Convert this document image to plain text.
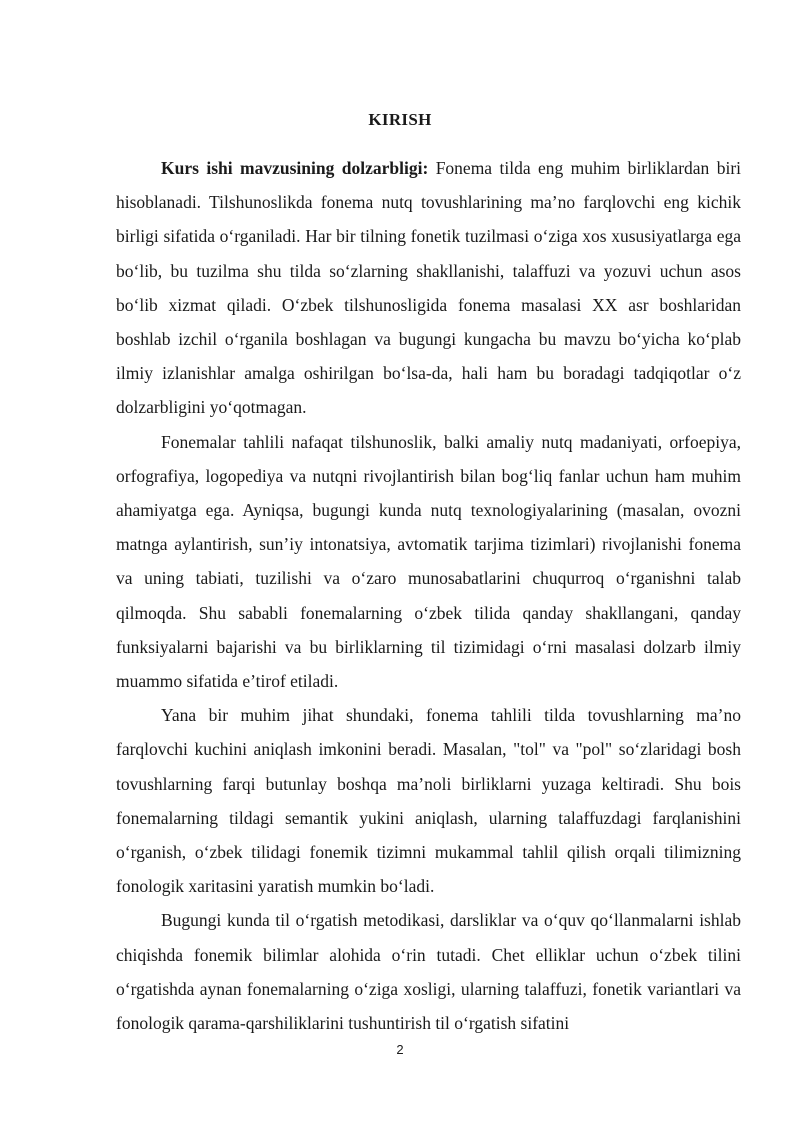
KIRISH

Kurs ishi mavzusining dolzarbligi: Fonema tilda eng muhim birliklardan biri hisoblanadi. Tilshunoslikda fonema nutq tovushlarining ma’no farqlovchi eng kichik birligi sifatida o‘rganiladi. Har bir tilning fonetik tuzilmasi o‘ziga xos xususiyatlarga ega bo‘lib, bu tuzilma shu tilda so‘zlarning shakllanishi, talaffuzi va yozuvi uchun asos bo‘lib xizmat qiladi. O‘zbek tilshunosligida fonema masalasi XX asr boshlaridan boshlab izchil o‘rganila boshlagan va bugungi kungacha bu mavzu bo‘yicha ko‘plab ilmiy izlanishlar amalga oshirilgan bo‘lsa-da, hali ham bu boradagi tadqiqotlar o‘z dolzarbligini yo‘qotmagan.

Fonemalar tahlili nafaqat tilshunoslik, balki amaliy nutq madaniyati, orfoepiya, orfografiya, logopediya va nutqni rivojlantirish bilan bog‘liq fanlar uchun ham muhim ahamiyatga ega. Ayniqsa, bugungi kunda nutq texnologiyalarining (masalan, ovozni matnga aylantirish, sun’iy intonatsiya, avtomatik tarjima tizimlari) rivojlanishi fonema va uning tabiati, tuzilishi va o‘zaro munosabatlarini chuqurroq o‘rganishni talab qilmoqda. Shu sababli fonemalarning o‘zbek tilida qanday shakllangani, qanday funksiyalarni bajarishi va bu birliklarning til tizimidagi o‘rni masalasi dolzarb ilmiy muammo sifatida e’tirof etiladi.

Yana bir muhim jihat shundaki, fonema tahlili tilda tovushlarning ma’no farqlovchi kuchini aniqlash imkonini beradi. Masalan, "tol" va "pol" so‘zlaridagi bosh tovushlarning farqi butunlay boshqa ma’noli birliklarni yuzaga keltiradi. Shu bois fonemalarning tildagi semantik yukini aniqlash, ularning talaffuzdagi farqlanishini o‘rganish, o‘zbek tilidagi fonemik tizimni mukammal tahlil qilish orqali tilimizning fonologik xaritasini yaratish mumkin bo‘ladi.

Bugungi kunda til o‘rgatish metodikasi, darsliklar va o‘quv qo‘llanmalarni ishlab chiqishda fonemik bilimlar alohida o‘rin tutadi. Chet elliklar uchun o‘zbek tilini o‘rgatishda aynan fonemalarning o‘ziga xosligi, ularning talaffuzi, fonetik variantlari va fonologik qarama-qarshiliklarini tushuntirish til o‘rgatish sifatini

2
